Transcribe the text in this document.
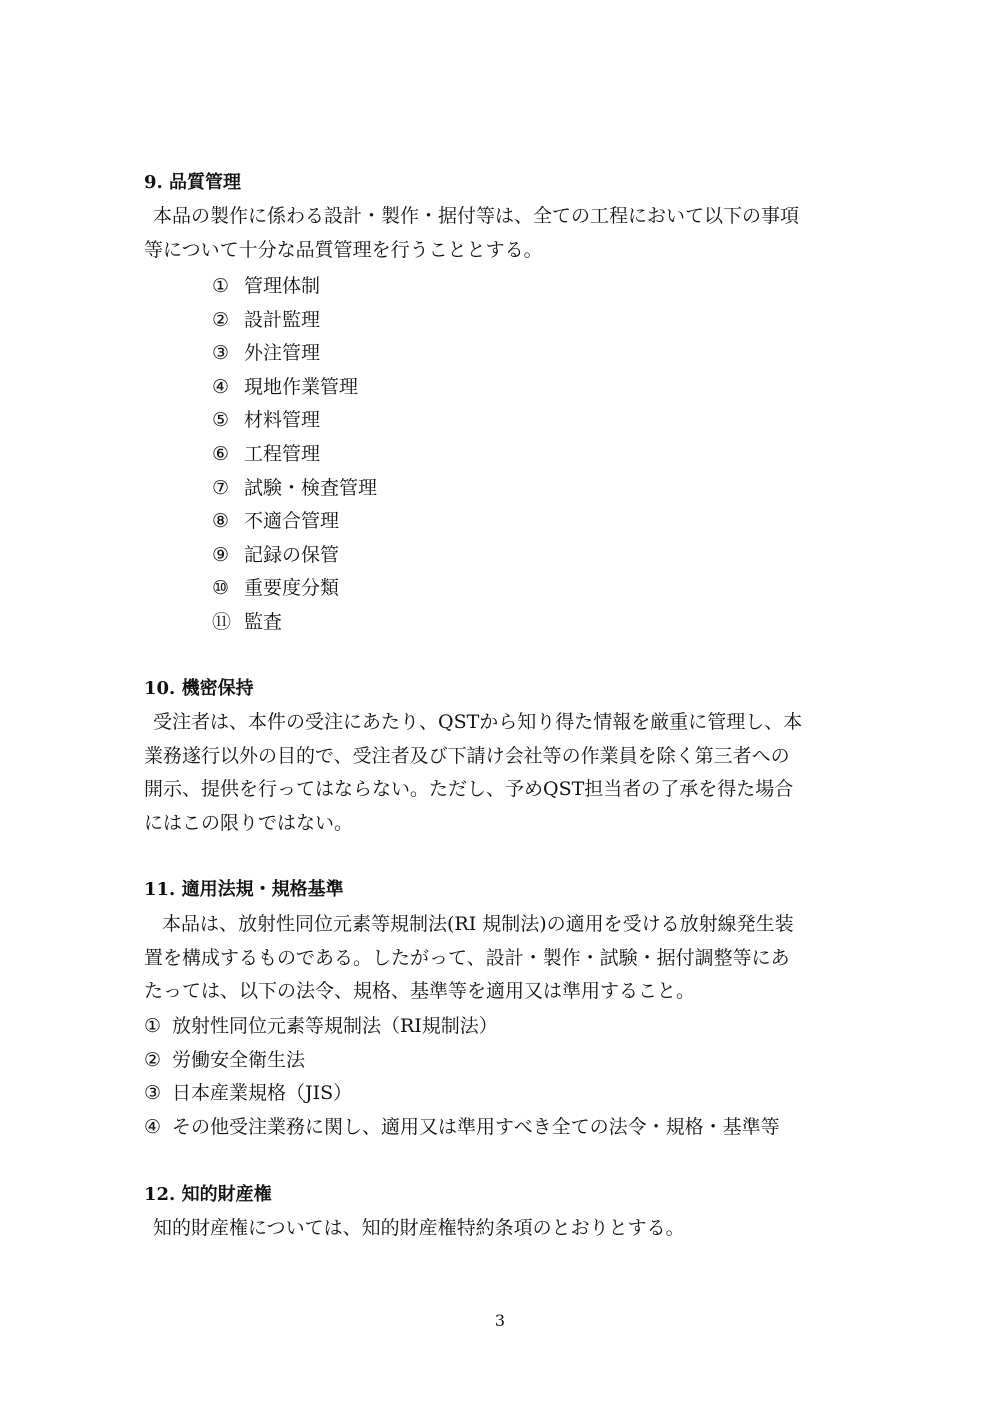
9. 品質管理
本品の製作に係わる設計・製作・据付等は、全ての工程において以下の事項
等について十分な品質管理を行うこととする。
① 管理体制
② 設計監理
③ 外注管理
④ 現地作業管理
⑤ 材料管理
⑥ 工程管理
⑦ 試験・検査管理
⑧ 不適合管理
⑨ 記録の保管
⑩ 重要度分類
⑪ 監査
10. 機密保持
受注者は、本件の受注にあたり、QSTから知り得た情報を厳重に管理し、本
業務遂行以外の目的で、受注者及び下請け会社等の作業員を除く第三者への
開示、提供を行ってはならない。ただし、予めQST担当者の了承を得た場合
にはこの限りではない。
11. 適用法規・規格基準
本品は、放射性同位元素等規制法(RI 規制法)の適用を受ける放射線発生装
置を構成するものである。したがって、設計・製作・試験・据付調整等にあ
たっては、以下の法令、規格、基準等を適用又は準用すること。
① 放射性同位元素等規制法（RI規制法）
② 労働安全衛生法
③ 日本産業規格（JIS）
④ その他受注業務に関し、適用又は準用すべき全ての法令・規格・基準等
12. 知的財産権
知的財産権については、知的財産権特約条項のとおりとする。
3
